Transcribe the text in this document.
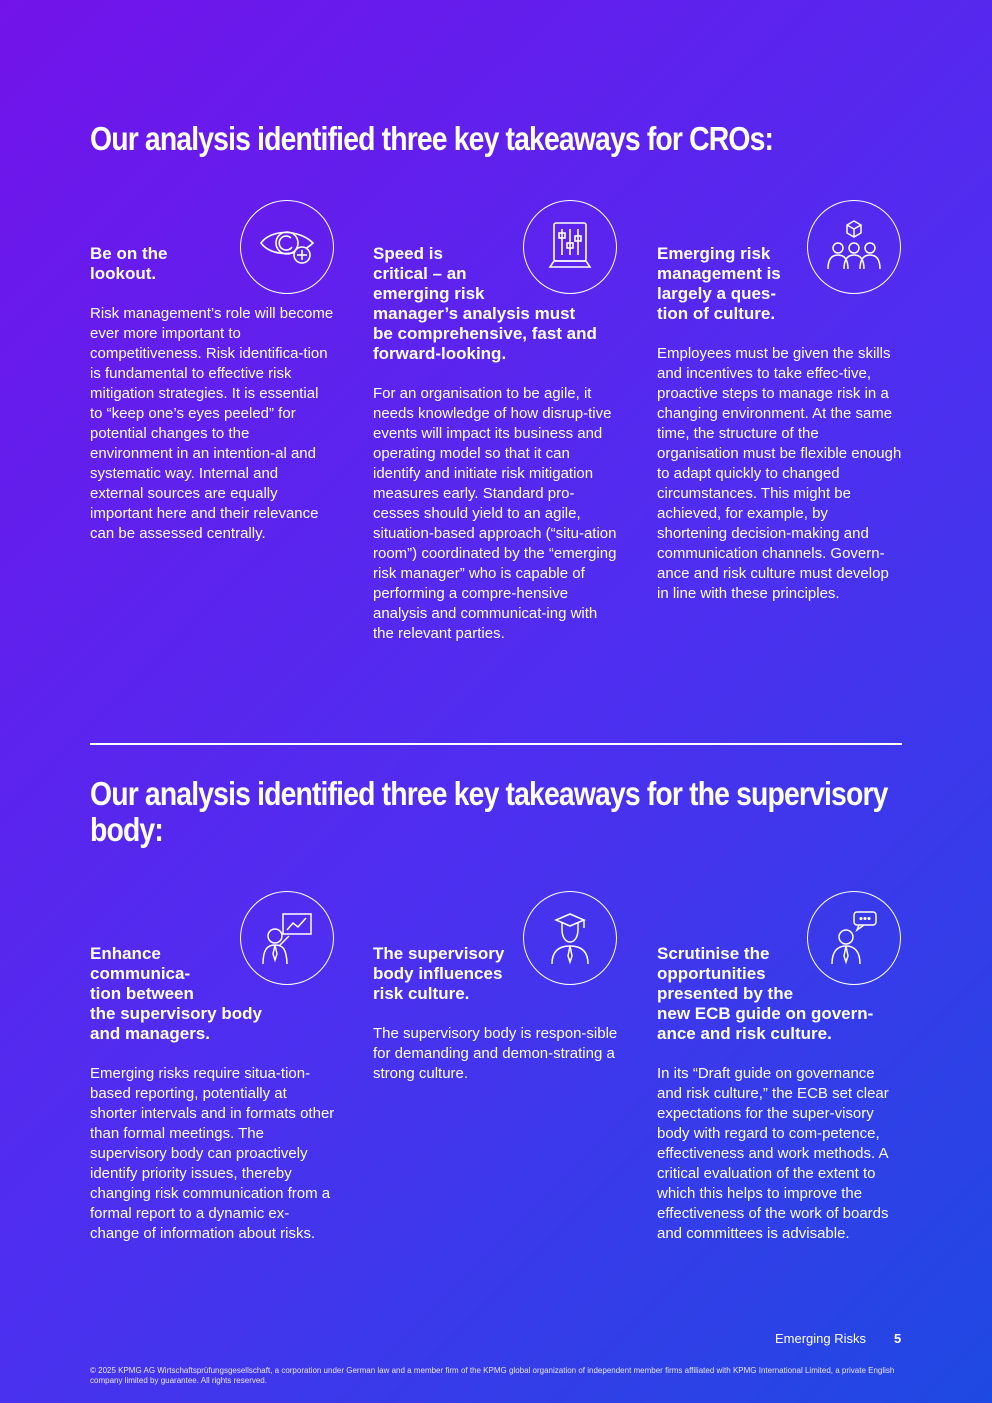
Our analysis identified three key takeaways for CROs:
Be on the
lookout.

Risk management’s role will become ever more important to competitiveness. Risk identifica-tion is fundamental to effective risk mitigation strategies. It is essential to “keep one’s eyes peeled” for potential changes to the environment in an intention-al and systematic way. Internal and external sources are equally important here and their relevance can be assessed centrally.

Speed is
critical – an
emerging risk
manager’s analysis must
be comprehensive, fast and
forward-looking.

For an organisation to be agile, it needs knowledge of how disrup-tive events will impact its business and operating model so that it can identify and initiate risk mitigation measures early. Standard pro-cesses should yield to an agile, situation-based approach (“situ-ation room”) coordinated by the “emerging risk manager” who is capable of performing a compre-hensive analysis and communicat-ing with the relevant parties.

Emerging risk
management is
largely a ques-
tion of culture.

Employees must be given the skills and incentives to take effec-tive, proactive steps to manage risk in a changing environment. At the same time, the structure of the organisation must be flexible enough to adapt quickly to changed circumstances. This might be achieved, for example, by shortening decision-making and communication channels. Govern-ance and risk culture must develop in line with these principles.

Our analysis identified three key takeaways for the supervisory body:
Enhance
communica-
tion between
the supervisory body
and managers.

Emerging risks require situa-tion-based reporting, potentially at shorter intervals and in formats other than formal meetings. The supervisory body can proactively identify priority issues, thereby changing risk communication from a formal report to a dynamic ex-change of information about risks.

The supervisory
body influences
risk culture.

The supervisory body is respon-sible for demanding and demon-strating a strong culture.

Scrutinise the
opportunities
presented by the
new ECB guide on govern-
ance and risk culture.

In its “Draft guide on governance and risk culture,” the ECB set clear expectations for the super-visory body with regard to com-petence, effectiveness and work methods. A critical evaluation of the extent to which this helps to improve the effectiveness of the work of boards and committees is advisable.

Emerging Risks 5
© 2025 KPMG AG Wirtschaftsprüfungsgesellschaft, a corporation under German law and a member firm of the KPMG global organization of independent member firms affiliated with KPMG International Limited, a private English company limited by guarantee. All rights reserved.
